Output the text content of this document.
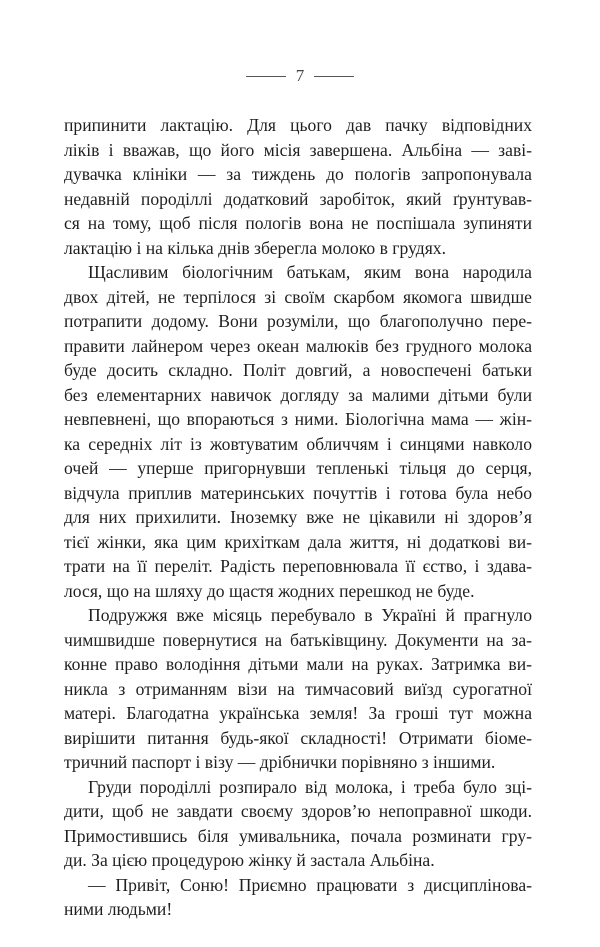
7
припинити лактацію. Для цього дав пачку відповідних
ліків і вважав, що його місія завершена. Альбіна — заві-
дувачка клініки — за тиждень до пологів запропонувала
недавній породіллі додатковий заробіток, який ґрунтував-
ся на тому, щоб після пологів вона не поспішала зупиняти
лактацію і на кілька днів зберегла молоко в грудях.
Щасливим біологічним батькам, яким вона народила
двох дітей, не терпілося зі своїм скарбом якомога швидше
потрапити додому. Вони розуміли, що благополучно пере-
правити лайнером через океан малюків без грудного молока
буде досить складно. Політ довгий, а новоспечені батьки
без елементарних навичок догляду за малими дітьми були
невпевнені, що впораються з ними. Біологічна мама — жін-
ка середніх літ із жовтуватим обличчям і синцями навколо
очей — уперше пригорнувши тепленькі тільця до серця,
відчула приплив материнських почуттів і готова була небо
для них прихилити. Іноземку вже не цікавили ні здоров’я
тієї жінки, яка цим крихіткам дала життя, ні додаткові ви-
трати на її переліт. Радість переповнювала її єство, і здава-
лося, що на шляху до щастя жодних перешкод не буде.
Подружжя вже місяць перебувало в Україні й прагнуло
чимшвидше повернутися на батьківщину. Документи на за-
конне право володіння дітьми мали на руках. Затримка ви-
никла з отриманням візи на тимчасовий виїзд сурогатної
матері. Благодатна українська земля! За гроші тут можна
вирішити питання будь-якої складності! Отримати біоме-
тричний паспорт і візу — дрібнички порівняно з іншими.
Груди породіллі розпирало від молока, і треба було зці-
дити, щоб не завдати своєму здоров’ю непоправної шкоди.
Примостившись біля умивальника, почала розминати гру-
ди. За цією процедурою жінку й застала Альбіна.
— Привіт, Соню! Приємно працювати з дисциплінова-
ними людьми!
